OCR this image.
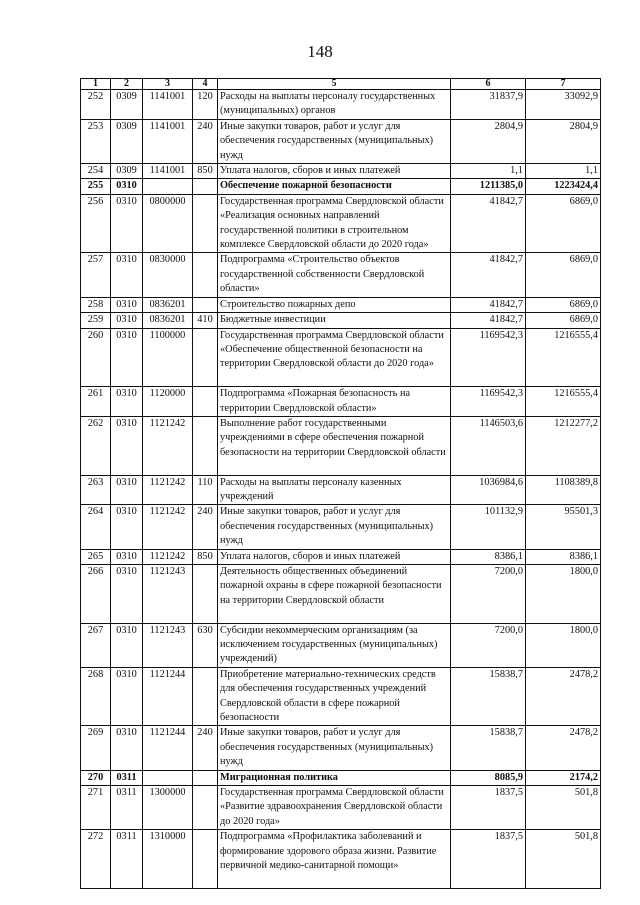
148
1	2	3	4	5	6	7
252	0309	1141001	120	Расходы на выплаты персоналу государственных (муниципальных) органов	31837,9	33092,9
253	0309	1141001	240	Иные закупки товаров, работ и услуг для обеспечения государственных (муниципальных) нужд	2804,9	2804,9
254	0309	1141001	850	Уплата налогов, сборов и иных платежей	1,1	1,1
255	0310			Обеспечение пожарной безопасности	1211385,0	1223424,4
256	0310	0800000		Государственная программа Свердловской области «Реализация основных направлений государственной политики в строительном комплексе Свердловской области до 2020 года»	41842,7	6869,0
257	0310	0830000		Подпрограмма «Строительство объектов государственной собственности Свердловской области»	41842,7	6869,0
258	0310	0836201		Строительство пожарных депо	41842,7	6869,0
259	0310	0836201	410	Бюджетные инвестиции	41842,7	6869,0
260	0310	1100000		Государственная программа Свердловской области «Обеспечение общественной безопасности на территории Свердловской области до 2020 года»	1169542,3	1216555,4
261	0310	1120000		Подпрограмма «Пожарная безопасность на территории Свердловской области»	1169542,3	1216555,4
262	0310	1121242		Выполнение работ государственными учреждениями в сфере обеспечения пожарной безопасности на территории Свердловской области	1146503,6	1212277,2
263	0310	1121242	110	Расходы на выплаты персоналу казенных учреждений	1036984,6	1108389,8
264	0310	1121242	240	Иные закупки товаров, работ и услуг для обеспечения государственных (муниципальных) нужд	101132,9	95501,3
265	0310	1121242	850	Уплата налогов, сборов и иных платежей	8386,1	8386,1
266	0310	1121243		Деятельность общественных объединений пожарной охраны в сфере пожарной безопасности на территории Свердловской области	7200,0	1800,0
267	0310	1121243	630	Субсидии некоммерческим организациям (за исключением государственных (муниципальных) учреждений)	7200,0	1800,0
268	0310	1121244		Приобретение материально-технических средств для обеспечения государственных учреждений Свердловской области в сфере пожарной безопасности	15838,7	2478,2
269	0310	1121244	240	Иные закупки товаров, работ и услуг для обеспечения государственных (муниципальных) нужд	15838,7	2478,2
270	0311			Миграционная политика	8085,9	2174,2
271	0311	1300000		Государственная программа Свердловской области «Развитие здравоохранения Свердловской области до 2020 года»	1837,5	501,8
272	0311	1310000		Подпрограмма «Профилактика заболеваний и формирование здорового образа жизни. Развитие первичной медико-санитарной помощи»	1837,5	501,8
